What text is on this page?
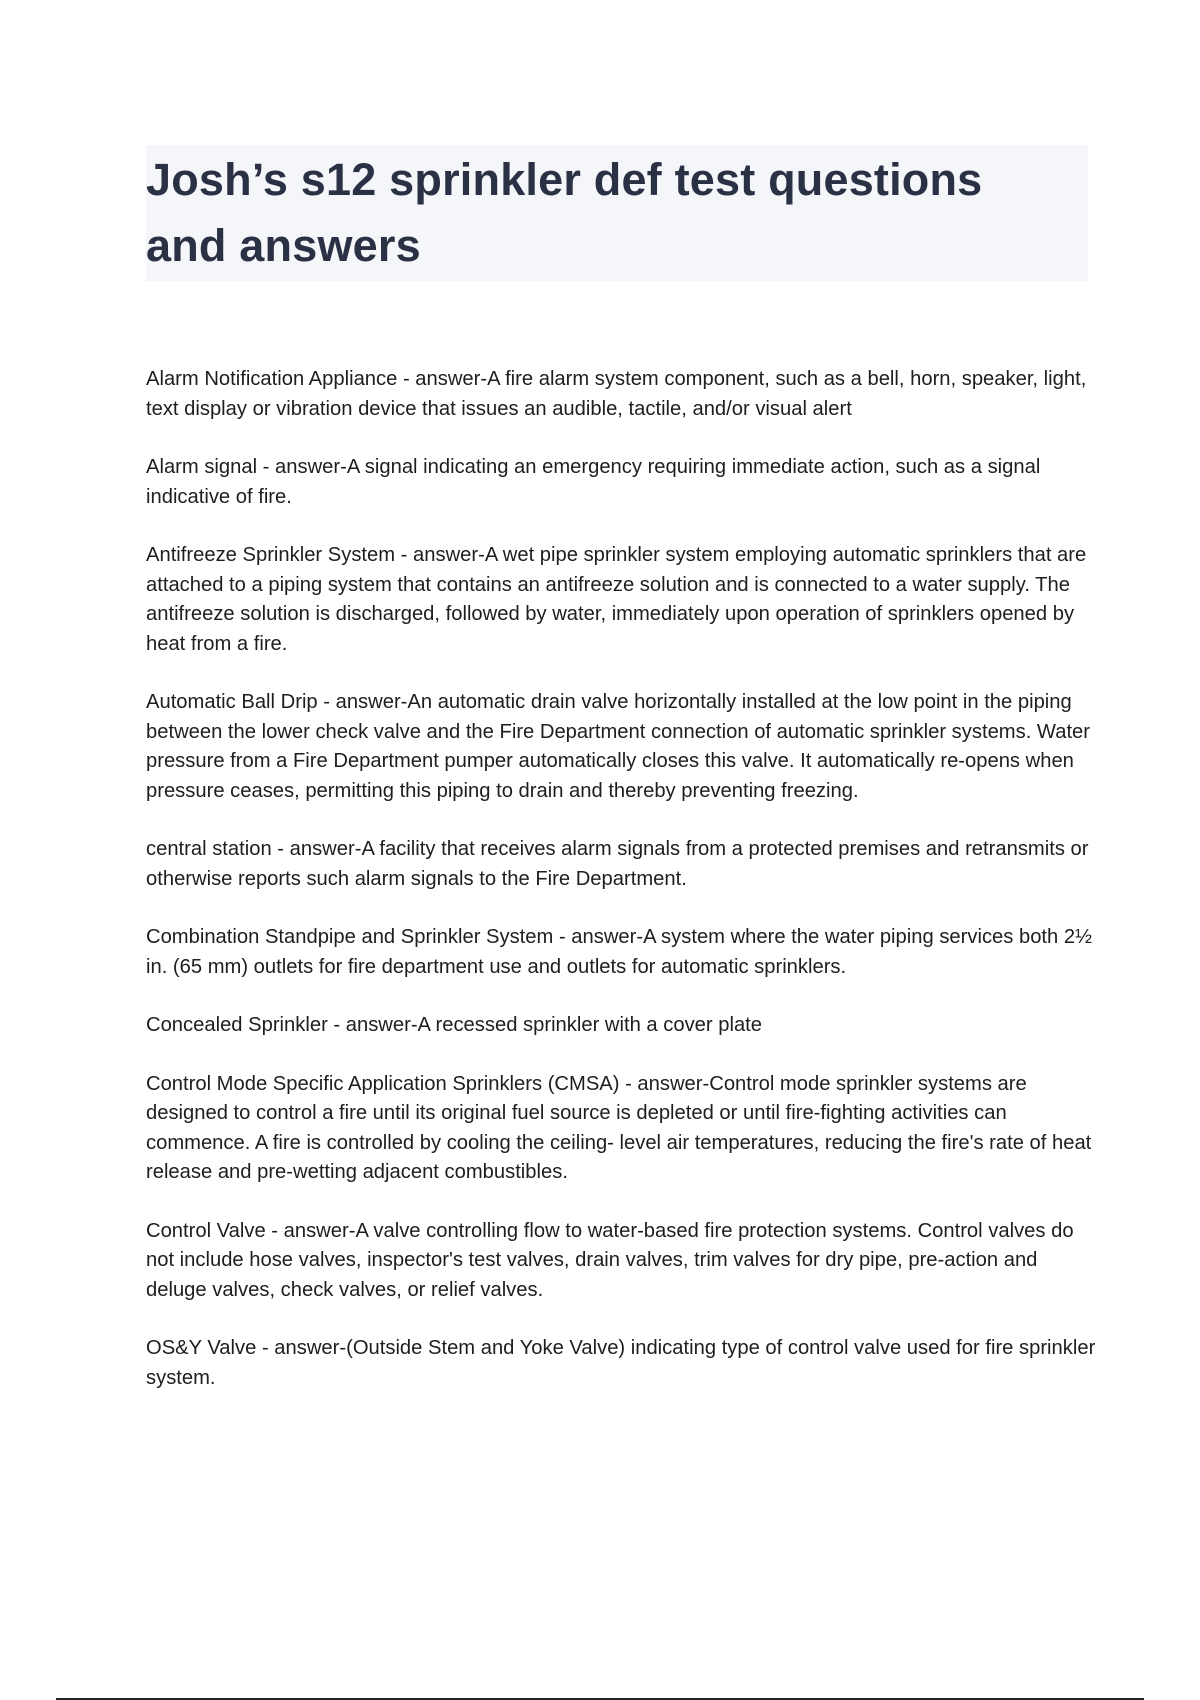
Josh’s s12 sprinkler def test questions
and answers

Alarm Notification Appliance - answer-A fire alarm system component, such as a bell, horn, speaker, light, text display or vibration device that issues an audible, tactile, and/or visual alert

Alarm signal - answer-A signal indicating an emergency requiring immediate action, such as a signal indicative of fire.

Antifreeze Sprinkler System - answer-A wet pipe sprinkler system employing automatic sprinklers that are attached to a piping system that contains an antifreeze solution and is connected to a water supply. The antifreeze solution is discharged, followed by water, immediately upon operation of sprinklers opened by heat from a fire.

Automatic Ball Drip - answer-An automatic drain valve horizontally installed at the low point in the piping between the lower check valve and the Fire Department connection of automatic sprinkler systems. Water pressure from a Fire Department pumper automatically closes this valve. It automatically re-opens when pressure ceases, permitting this piping to drain and thereby preventing freezing.

central station - answer-A facility that receives alarm signals from a protected premises and retransmits or otherwise reports such alarm signals to the Fire Department.

Combination Standpipe and Sprinkler System - answer-A system where the water piping services both 2½ in. (65 mm) outlets for fire department use and outlets for automatic sprinklers.

Concealed Sprinkler - answer-A recessed sprinkler with a cover plate

Control Mode Specific Application Sprinklers (CMSA) - answer-Control mode sprinkler systems are designed to control a fire until its original fuel source is depleted or until fire-fighting activities can commence. A fire is controlled by cooling the ceiling- level air temperatures, reducing the fire's rate of heat release and pre-wetting adjacent combustibles.

Control Valve - answer-A valve controlling flow to water-based fire protection systems. Control valves do not include hose valves, inspector's test valves, drain valves, trim valves for dry pipe, pre-action and deluge valves, check valves, or relief valves.

OS&Y Valve - answer-(Outside Stem and Yoke Valve) indicating type of control valve used for fire sprinkler system.
